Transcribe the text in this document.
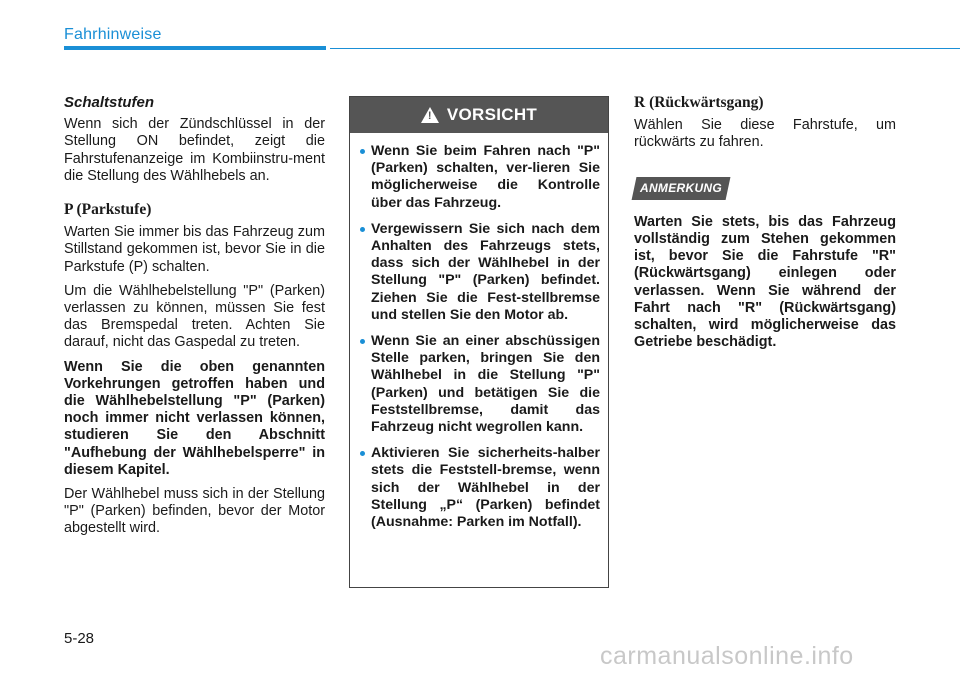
Fahrhinweise
Schaltstufen

Wenn sich der Zündschlüssel in der Stellung ON befindet, zeigt die Fahrstufenanzeige im Kombiinstru-ment die Stellung des Wählhebels an.

P (Parkstufe)

Warten Sie immer bis das Fahrzeug zum Stillstand gekommen ist, bevor Sie in die Parkstufe (P) schalten.

Um die Wählhebelstellung "P" (Parken) verlassen zu können, müssen Sie fest das Bremspedal treten. Achten Sie darauf, nicht das Gaspedal zu treten.

Wenn Sie die oben genannten Vorkehrungen getroffen haben und die Wählhebelstellung "P" (Parken) noch immer nicht verlassen können, studieren Sie den Abschnitt "Aufhebung der Wählhebelsperre" in diesem Kapitel.

Der Wählhebel muss sich in der Stellung "P" (Parken) befinden, bevor der Motor abgestellt wird.

! VORSICHT
Wenn Sie beim Fahren nach "P" (Parken) schalten, ver-lieren Sie möglicherweise die Kontrolle über das Fahrzeug.
Vergewissern Sie sich nach dem Anhalten des Fahrzeugs stets, dass sich der Wählhebel in der Stellung "P" (Parken) befindet. Ziehen Sie die Fest-stellbremse und stellen Sie den Motor ab.
Wenn Sie an einer abschüssigen Stelle parken, bringen Sie den Wählhebel in die Stellung "P" (Parken) und betätigen Sie die Feststellbremse, damit das Fahrzeug nicht wegrollen kann.
Aktivieren Sie sicherheits-halber stets die Feststell-bremse, wenn sich der Wählhebel in der Stellung „P“ (Parken) befindet (Ausnahme: Parken im Notfall).
R (Rückwärtsgang)

Wählen Sie diese Fahrstufe, um rückwärts zu fahren.

ANMERKUNG

Warten Sie stets, bis das Fahrzeug vollständig zum Stehen gekommen ist, bevor Sie die Fahrstufe "R" (Rückwärtsgang) einlegen oder verlassen. Wenn Sie während der Fahrt nach "R" (Rückwärtsgang) schalten, wird möglicherweise das Getriebe beschädigt.

5-28
carmanualsonline.info
